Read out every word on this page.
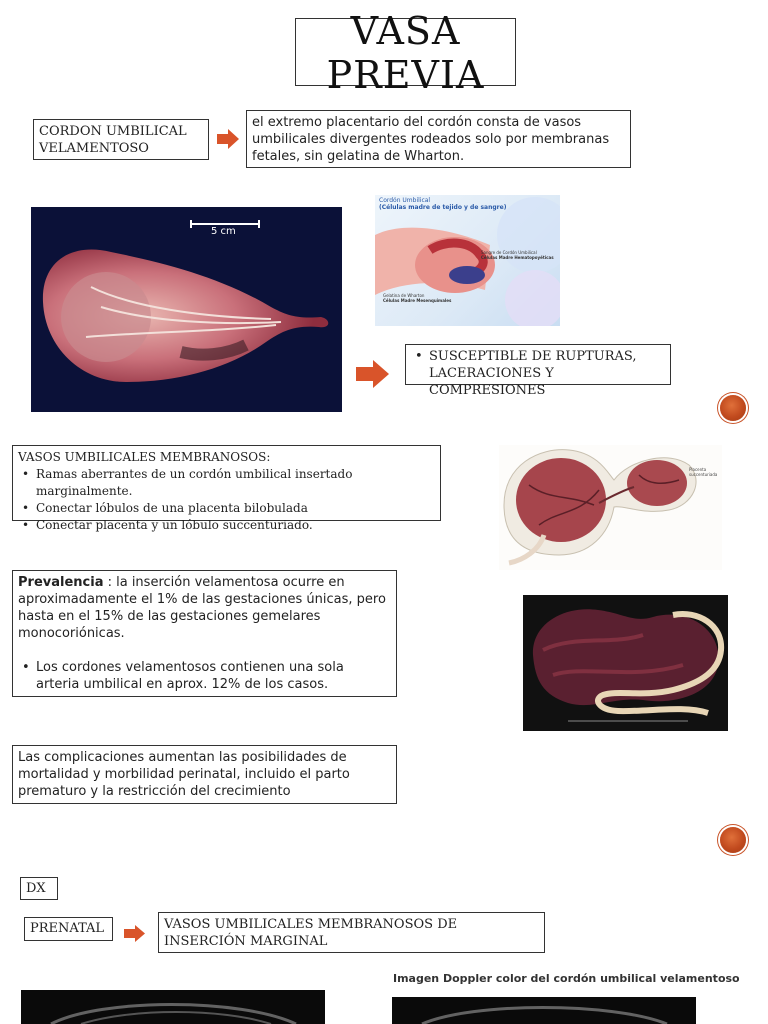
VASA
PREVIA
CORDON UMBILICAL VELAMENTOSO
el extremo placentario del cordón consta de vasos umbilicales divergentes rodeados solo por membranas fetales, sin gelatina de Wharton.
5 cm
Cordón Umbilical
(Células madre de tejido y de sangre)
Sangre de Cordón Umbilical
Células Madre Hematopoyéticas
Gelatina de Wharton
Células Madre Mesenquimales
• SUSCEPTIBLE DE RUPTURAS, LACERACIONES Y COMPRESIONES
VASOS UMBILICALES MEMBRANOSOS:
• Ramas aberrantes de un cordón umbilical insertado marginalmente.
• Conectar lóbulos de una placenta bilobulada
• Conectar placenta y un lóbulo succenturiado.
Placenta succenturiada
Prevalencia : la inserción velamentosa ocurre en aproximadamente el 1% de las gestaciones únicas, pero hasta en el 15% de las gestaciones gemelares monocoriónicas.
• Los cordones velamentosos contienen una sola arteria umbilical en aprox. 12% de los casos.
Las complicaciones aumentan las posibilidades de mortalidad y morbilidad perinatal, incluido el parto prematuro y la restricción del crecimiento
DX
PRENATAL	VASOS UMBILICALES MEMBRANOSOS DE INSERCIÓN MARGINAL
Imagen Doppler color del cordón umbilical velamentoso
